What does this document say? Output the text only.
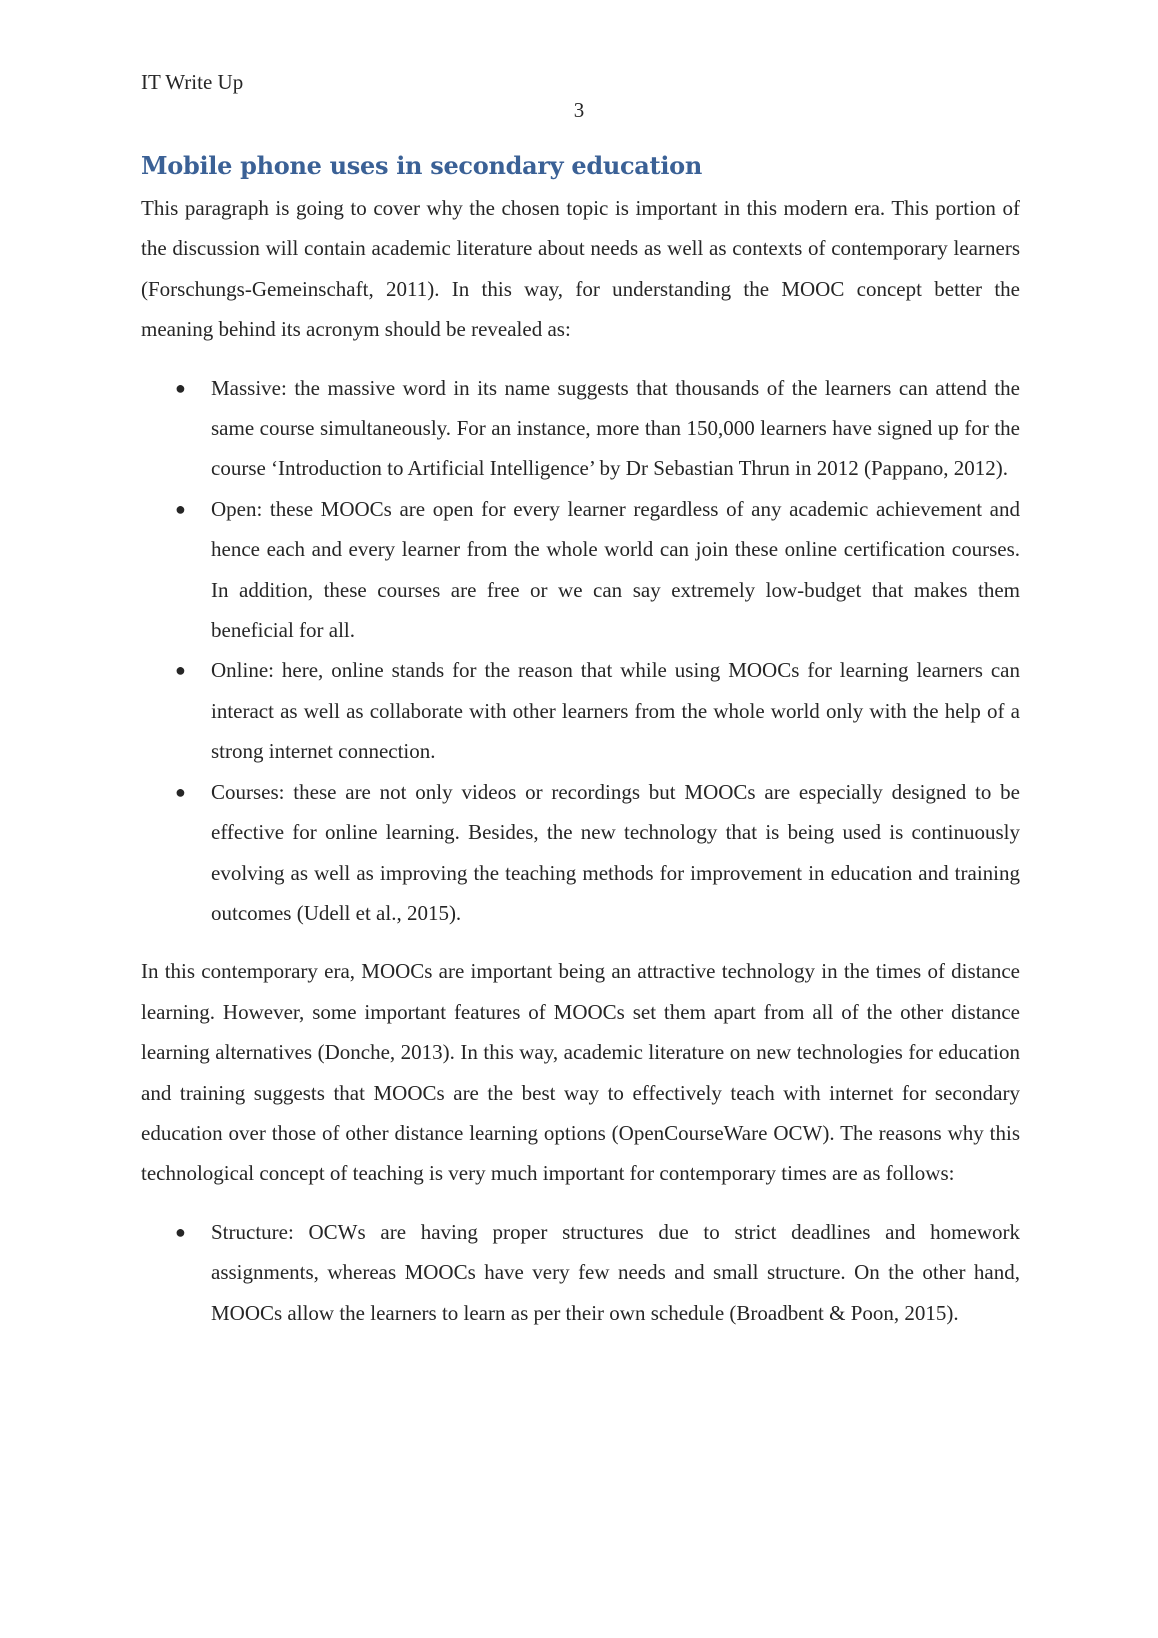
IT Write Up
3
Mobile phone uses in secondary education

This paragraph is going to cover why the chosen topic is important in this modern era. This portion of the discussion will contain academic literature about needs as well as contexts of contemporary learners (Forschungs-Gemeinschaft, 2011). In this way, for understanding the MOOC concept better the meaning behind its acronym should be revealed as:

● Massive: the massive word in its name suggests that thousands of the learners can attend the same course simultaneously. For an instance, more than 150,000 learners have signed up for the course ‘Introduction to Artificial Intelligence’ by Dr Sebastian Thrun in 2012 (Pappano, 2012).
● Open: these MOOCs are open for every learner regardless of any academic achievement and hence each and every learner from the whole world can join these online certification courses. In addition, these courses are free or we can say extremely low-budget that makes them beneficial for all.
● Online: here, online stands for the reason that while using MOOCs for learning learners can interact as well as collaborate with other learners from the whole world only with the help of a strong internet connection.
● Courses: these are not only videos or recordings but MOOCs are especially designed to be effective for online learning. Besides, the new technology that is being used is continuously evolving as well as improving the teaching methods for improvement in education and training outcomes (Udell et al., 2015).

In this contemporary era, MOOCs are important being an attractive technology in the times of distance learning. However, some important features of MOOCs set them apart from all of the other distance learning alternatives (Donche, 2013). In this way, academic literature on new technologies for education and training suggests that MOOCs are the best way to effectively teach with internet for secondary education over those of other distance learning options (OpenCourseWare OCW). The reasons why this technological concept of teaching is very much important for contemporary times are as follows:

● Structure: OCWs are having proper structures due to strict deadlines and homework assignments, whereas MOOCs have very few needs and small structure. On the other hand, MOOCs allow the learners to learn as per their own schedule (Broadbent & Poon, 2015).
